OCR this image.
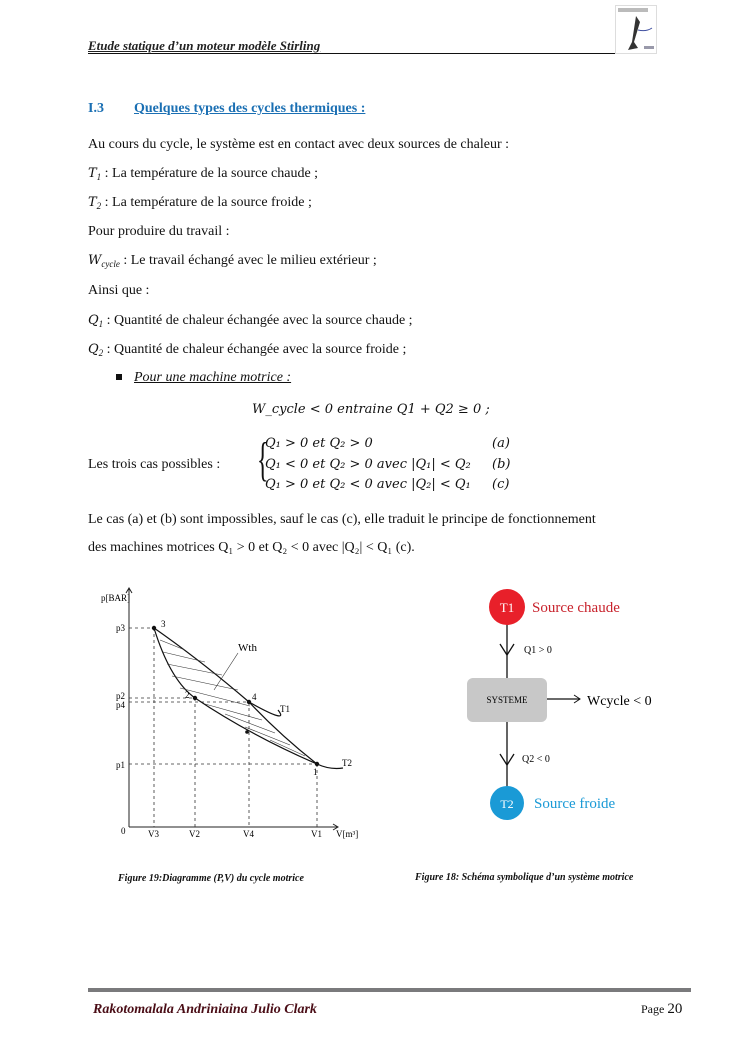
Etude statique d’un moteur modèle Stirling
I.3 Quelques types des cycles thermiques :
Au cours du cycle, le système est en contact avec deux sources de chaleur :
$T_1$ : La température de la source chaude ;
$T_2$ : La température de la source froide ;
Pour produire du travail :
$W_{cycle}$ : Le travail échangé avec le milieu extérieur ;
Ainsi que :
$Q_1$ : Quantité de chaleur échangée avec la source chaude ;
$Q_2$ : Quantité de chaleur échangée avec la source froide ;
Pour une machine motrice :
W_cycle < 0 entraine Q1 + Q2 ≥ 0 ;
Les trois cas possibles : {
Q₁ > 0 et Q₂ > 0	(a)
Q₁ < 0 et Q₂ > 0 avec |Q₁| < Q₂ (b)
Q₁ > 0 et Q₂ < 0 avec |Q₂| < Q₁ (c)
Le cas (a) et (b) sont impossibles, sauf le cas (c), elle traduit le principe de fonctionnement
des machines motrices Q₁ > 0 et Q₂ < 0 avec |Q₂| < Q₁ (c).
p[BAR]
V[m³]
0
p3
p2
p4
p1
V3	V2	V4	V1
3
2	4
1
Wth
T1
T2
Figure 19:Diagramme (P,V) du cycle motrice
T1 Source chaude
T2 Source froide
SYSTEME
Q1 > 0
Q2 < 0
Wcycle < 0
Figure 18: Schéma symbolique d’un système motrice
Rakotomalala Andriniaina Julio Clark	Page 20
